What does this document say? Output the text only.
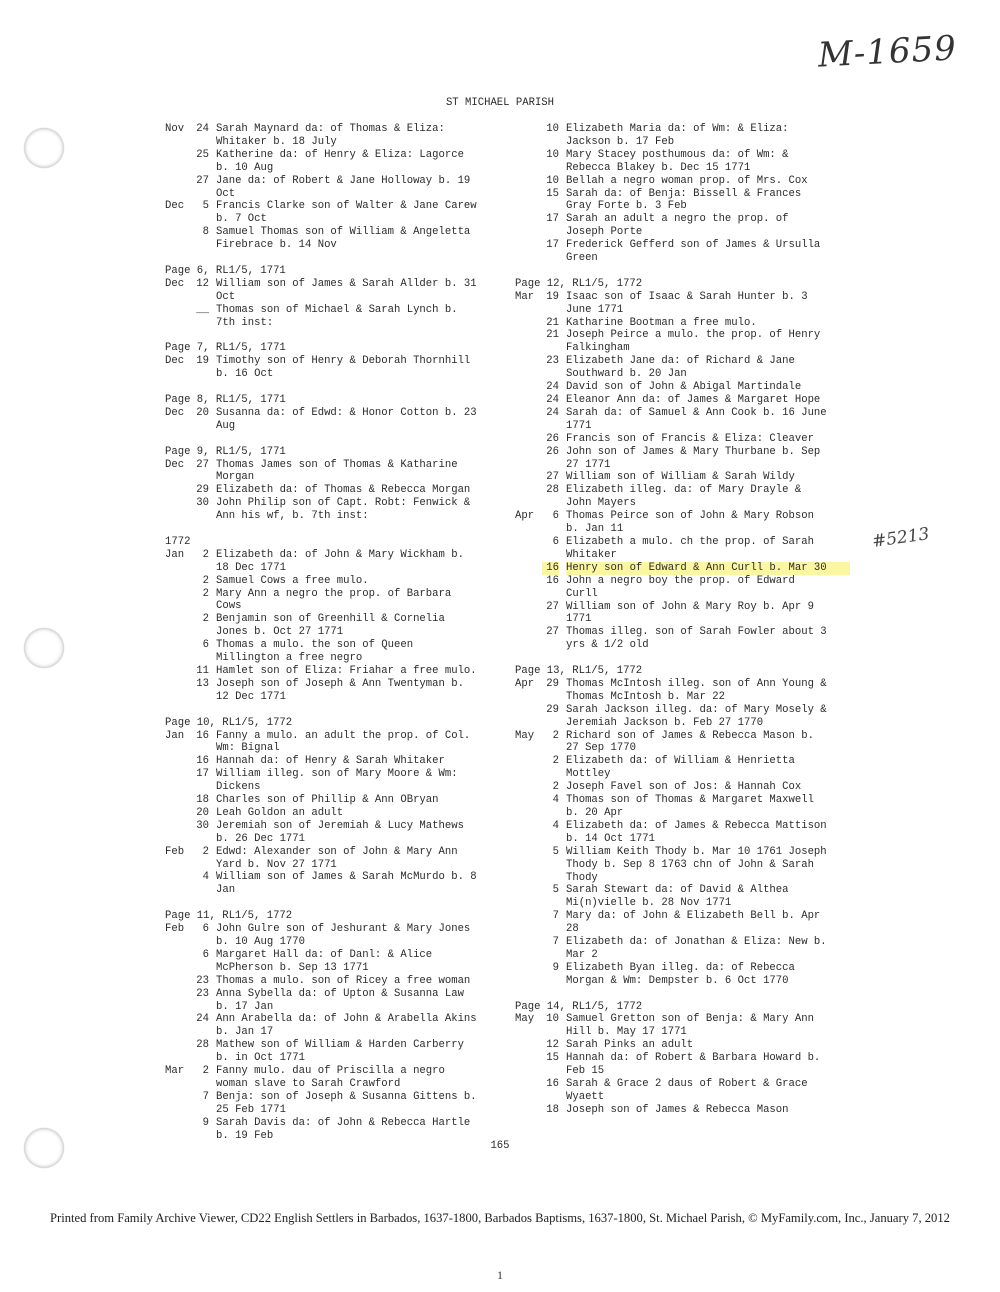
M-1659
ST MICHAEL PARISH
Nov	24 Sarah Maynard da: of Thomas & Eliza:
Whitaker b. 18 July
25 Katherine da: of Henry & Eliza: Lagorce
b. 10 Aug
27 Jane da: of Robert & Jane Holloway b. 19
Oct
Dec	5 Francis Clarke son of Walter & Jane Carew
b. 7 Oct
8 Samuel Thomas son of William & Angeletta
Firebrace b. 14 Nov
Page 6, RL1/5, 1771
Dec	12 William son of James & Sarah Allder b. 31
Oct
__ Thomas son of Michael & Sarah Lynch b.
7th inst:
Page 7, RL1/5, 1771
Dec	19 Timothy son of Henry & Deborah Thornhill
b. 16 Oct
Page 8, RL1/5, 1771
Dec	20 Susanna da: of Edwd: & Honor Cotton b. 23
Aug
Page 9, RL1/5, 1771
Dec	27 Thomas James son of Thomas & Katharine
Morgan
29 Elizabeth da: of Thomas & Rebecca Morgan
30 John Philip son of Capt. Robt: Fenwick &
Ann his wf, b. 7th inst:
1772
Jan	2 Elizabeth da: of John & Mary Wickham b.
18 Dec 1771
2 Samuel Cows a free mulo.
2 Mary Ann a negro the prop. of Barbara
Cows
2 Benjamin son of Greenhill & Cornelia
Jones b. Oct 27 1771
6 Thomas a mulo. the son of Queen
Millington a free negro
11 Hamlet son of Eliza: Friahar a free mulo.
13 Joseph son of Joseph & Ann Twentyman b.
12 Dec 1771
Page 10, RL1/5, 1772
Jan	16 Fanny a mulo. an adult the prop. of Col.
Wm: Bignal
16 Hannah da: of Henry & Sarah Whitaker
17 William illeg. son of Mary Moore & Wm:
Dickens
18 Charles son of Phillip & Ann OBryan
20 Leah Goldon an adult
30 Jeremiah son of Jeremiah & Lucy Mathews
b. 26 Dec 1771
Feb	2 Edwd: Alexander son of John & Mary Ann
Yard b. Nov 27 1771
4 William son of James & Sarah McMurdo b. 8
Jan
Page 11, RL1/5, 1772
Feb	6 John Gulre son of Jeshurant & Mary Jones
b. 10 Aug 1770
6 Margaret Hall da: of Danl: & Alice
McPherson b. Sep 13 1771
23 Thomas a mulo. son of Ricey a free woman
23 Anna Sybella da: of Upton & Susanna Law
b. 17 Jan
24 Ann Arabella da: of John & Arabella Akins
b. Jan 17
28 Mathew son of William & Harden Carberry
b. in Oct 1771
Mar	2 Fanny mulo. dau of Priscilla a negro
woman slave to Sarah Crawford
7 Benja: son of Joseph & Susanna Gittens b.
25 Feb 1771
9 Sarah Davis da: of John & Rebecca Hartle
b. 19 Feb
10 Elizabeth Maria da: of Wm: & Eliza:
Jackson b. 17 Feb
10 Mary Stacey posthumous da: of Wm: &
Rebecca Blakey b. Dec 15 1771
10 Bellah a negro woman prop. of Mrs. Cox
15 Sarah da: of Benja: Bissell & Frances
Gray Forte b. 3 Feb
17 Sarah an adult a negro the prop. of
Joseph Porte
17 Frederick Gefferd son of James & Ursulla
Green
Page 12, RL1/5, 1772
Mar	19 Isaac son of Isaac & Sarah Hunter b. 3
June 1771
21 Katharine Bootman a free mulo.
21 Joseph Peirce a mulo. the prop. of Henry
Falkingham
23 Elizabeth Jane da: of Richard & Jane
Southward b. 20 Jan
24 David son of John & Abigal Martindale
24 Eleanor Ann da: of James & Margaret Hope
24 Sarah da: of Samuel & Ann Cook b. 16 June
1771
26 Francis son of Francis & Eliza: Cleaver
26 John son of James & Mary Thurbane b. Sep
27 1771
27 William son of William & Sarah Wildy
28 Elizabeth illeg. da: of Mary Drayle &
John Mayers
Apr	6 Thomas Peirce son of John & Mary Robson
b. Jan 11
6 Elizabeth a mulo. ch the prop. of Sarah
Whitaker
16 Henry son of Edward & Ann Curll b. Mar 30
16 John a negro boy the prop. of Edward
Curll
27 William son of John & Mary Roy b. Apr 9
1771
27 Thomas illeg. son of Sarah Fowler about 3
yrs & 1/2 old
Page 13, RL1/5, 1772
Apr	29 Thomas McIntosh illeg. son of Ann Young &
Thomas McIntosh b. Mar 22
29 Sarah Jackson illeg. da: of Mary Mosely &
Jeremiah Jackson b. Feb 27 1770
May	2 Richard son of James & Rebecca Mason b.
27 Sep 1770
2 Elizabeth da: of William & Henrietta
Mottley
2 Joseph Favel son of Jos: & Hannah Cox
4 Thomas son of Thomas & Margaret Maxwell
b. 20 Apr
4 Elizabeth da: of James & Rebecca Mattison
b. 14 Oct 1771
5 William Keith Thody b. Mar 10 1761 Joseph
Thody b. Sep 8 1763 chn of John & Sarah
Thody
5 Sarah Stewart da: of David & Althea
Mi(n)vielle b. 28 Nov 1771
7 Mary da: of John & Elizabeth Bell b. Apr
28
7 Elizabeth da: of Jonathan & Eliza: New b.
Mar 2
9 Elizabeth Byan illeg. da: of Rebecca
Morgan & Wm: Dempster b. 6 Oct 1770
Page 14, RL1/5, 1772
May	10 Samuel Gretton son of Benja: & Mary Ann
Hill b. May 17 1771
12 Sarah Pinks an adult
15 Hannah da: of Robert & Barbara Howard b.
Feb 15
16 Sarah & Grace 2 daus of Robert & Grace
Wyaett
18 Joseph son of James & Rebecca Mason
#5213
165
Printed from Family Archive Viewer, CD22 English Settlers in Barbados, 1637-1800, Barbados Baptisms, 1637-1800, St. Michael Parish, © MyFamily.com, Inc., January 7, 2012
1
